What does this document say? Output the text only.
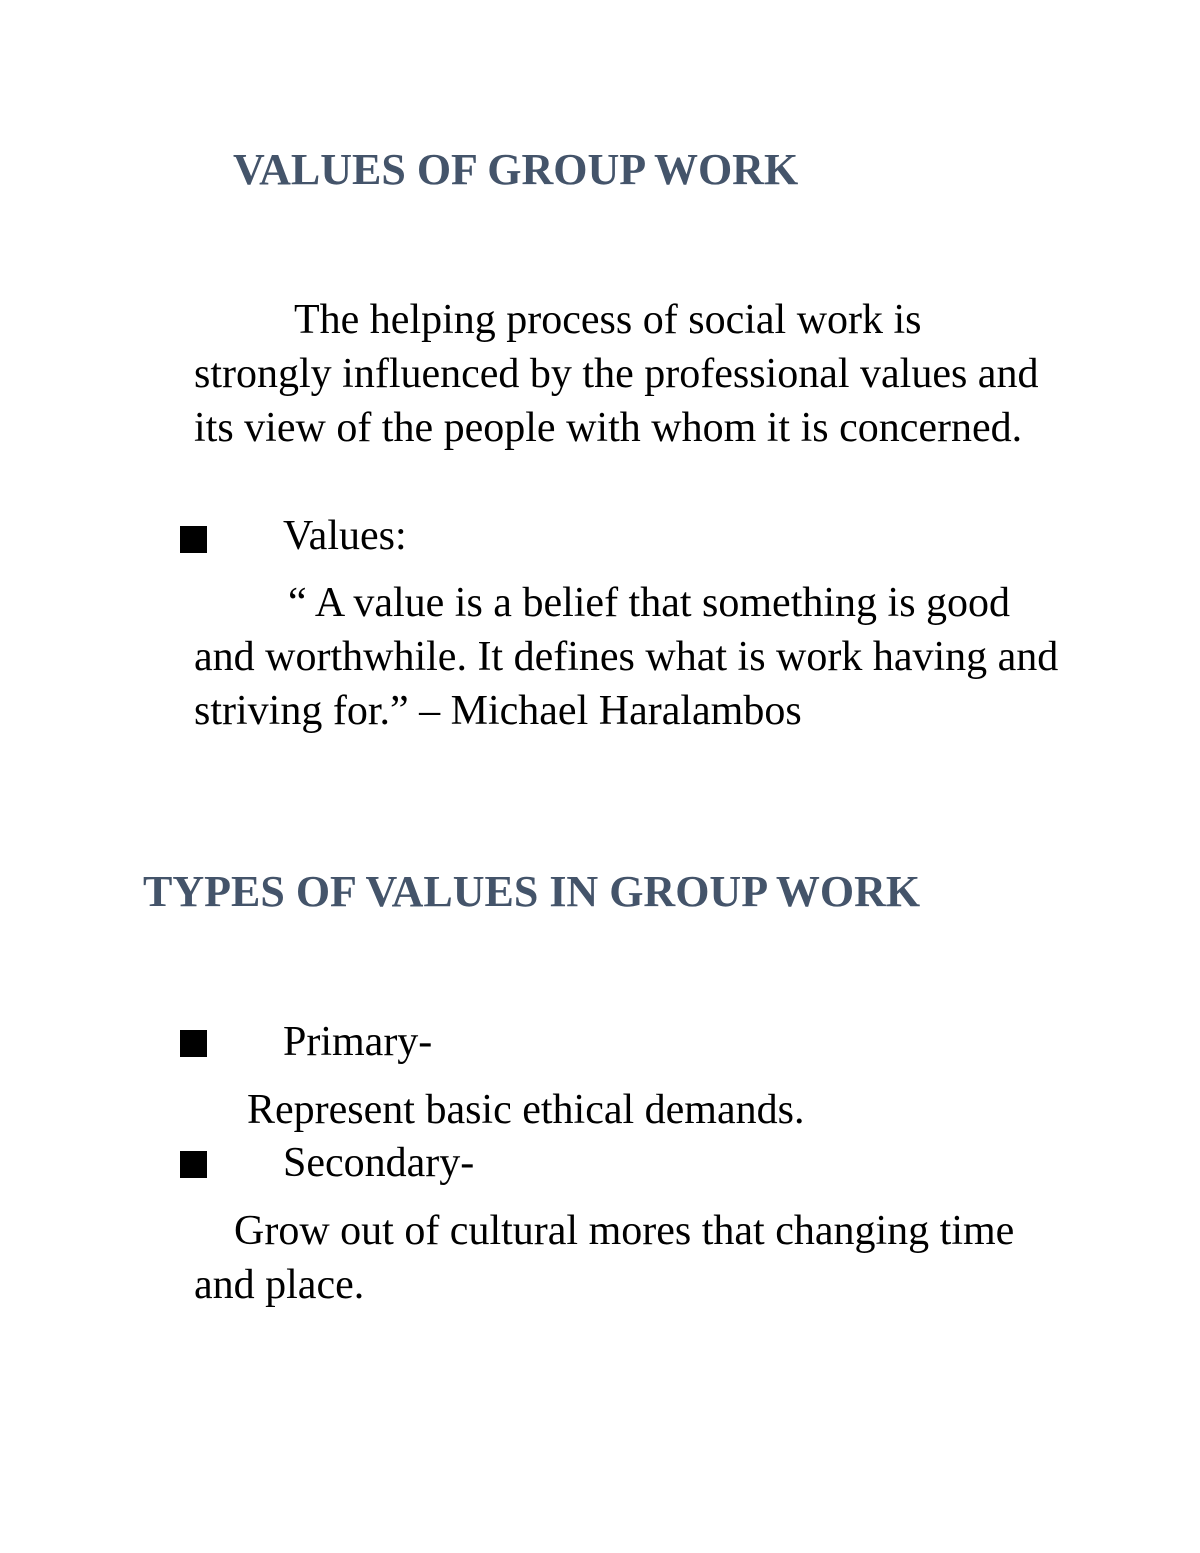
VALUES OF GROUP WORK

The helping process of social work is strongly influenced by the professional values and its view of the people with whom it is concerned.

Values:

“ A value is a belief that something is good and worthwhile. It defines what is work having and striving for.” – Michael Haralambos

TYPES OF VALUES IN GROUP WORK
Primary-

Represent basic ethical demands.

Secondary-

Grow out of cultural mores that changing time and place.
